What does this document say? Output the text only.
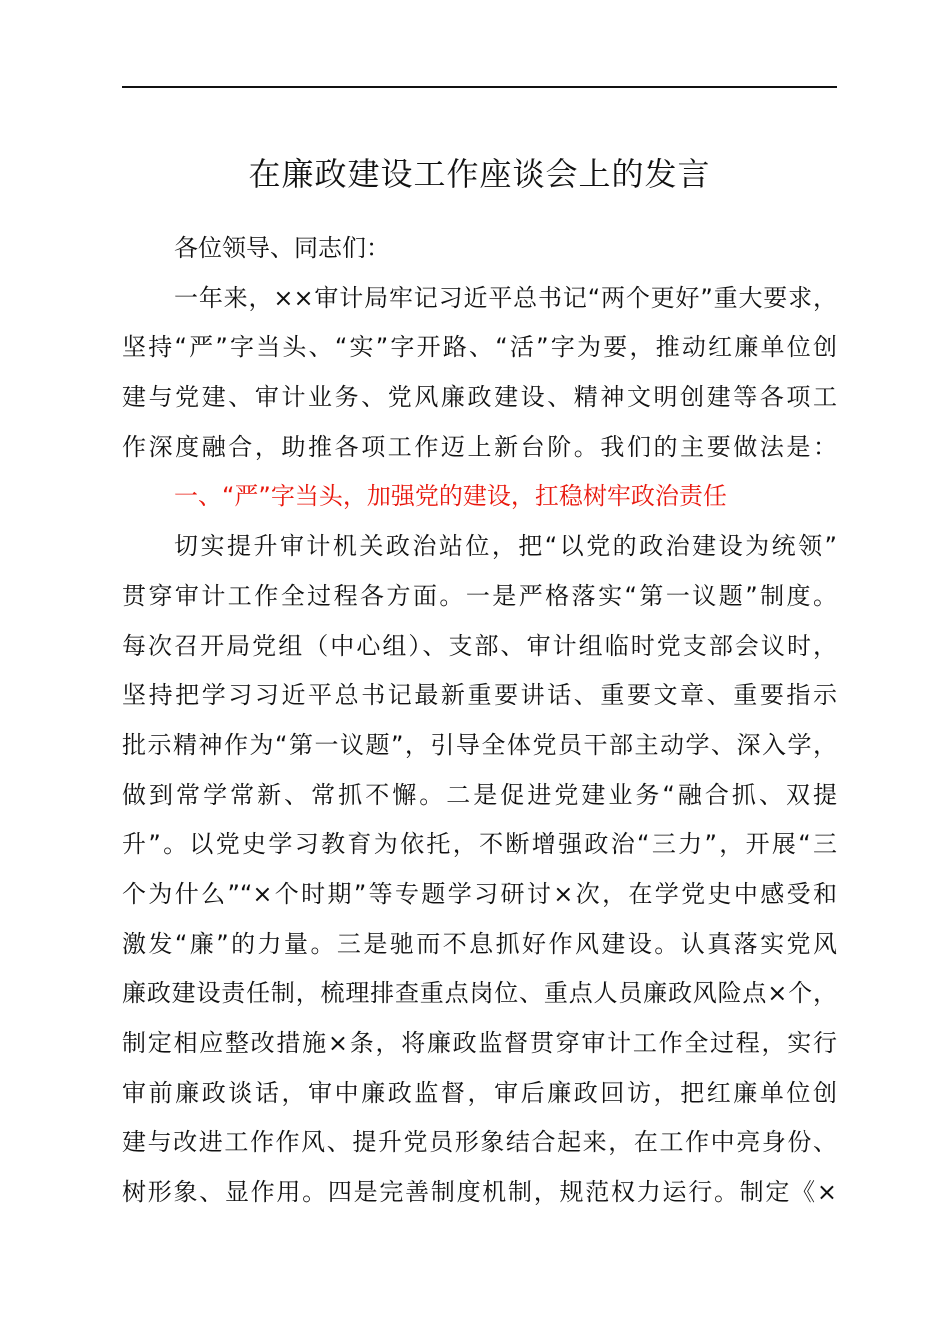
在廉政建设工作座谈会上的发言
各位领导、同志们：
一年来，××审计局牢记习近平总书记“两个更好”重大要求，
坚持“严”字当头、“实”字开路、“活”字为要，推动红廉单位创
建与党建、审计业务、党风廉政建设、精神文明创建等各项工
作深度融合，助推各项工作迈上新台阶。我们的主要做法是：
一、“严”字当头，加强党的建设，扛稳树牢政治责任
切实提升审计机关政治站位，把“以党的政治建设为统领”
贯穿审计工作全过程各方面。一是严格落实“第一议题”制度。
每次召开局党组（中心组）、支部、审计组临时党支部会议时，
坚持把学习习近平总书记最新重要讲话、重要文章、重要指示
批示精神作为“第一议题”，引导全体党员干部主动学、深入学，
做到常学常新、常抓不懈。二是促进党建业务“融合抓、双提
升”。以党史学习教育为依托，不断增强政治“三力”，开展“三
个为什么”“×个时期”等专题学习研讨×次，在学党史中感受和
激发“廉”的力量。三是驰而不息抓好作风建设。认真落实党风
廉政建设责任制，梳理排查重点岗位、重点人员廉政风险点×个，
制定相应整改措施×条，将廉政监督贯穿审计工作全过程，实行
审前廉政谈话，审中廉政监督，审后廉政回访，把红廉单位创
建与改进工作作风、提升党员形象结合起来，在工作中亮身份、
树形象、显作用。四是完善制度机制，规范权力运行。制定《×
